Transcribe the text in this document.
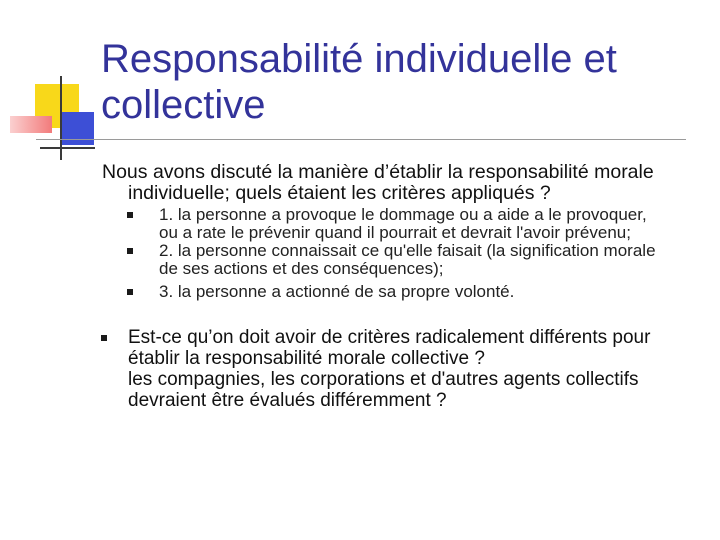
Responsabilité individuelle et collective
Nous avons discuté la manière d’établir la responsabilité morale
individuelle; quels étaient les critères appliqués ?
1. la personne a provoque le dommage ou a aide a le provoquer,
ou a rate le prévenir quand il pourrait et devrait l'avoir prévenu;
2. la personne connaissait ce qu'elle faisait (la signification morale
de ses actions et des conséquences);
3. la personne a actionné de sa propre volonté.
Est-ce qu’on doit avoir de critères radicalement différents pour
établir la responsabilité morale collective ?
les compagnies, les corporations et d'autres agents collectifs
devraient être évalués différemment ?
